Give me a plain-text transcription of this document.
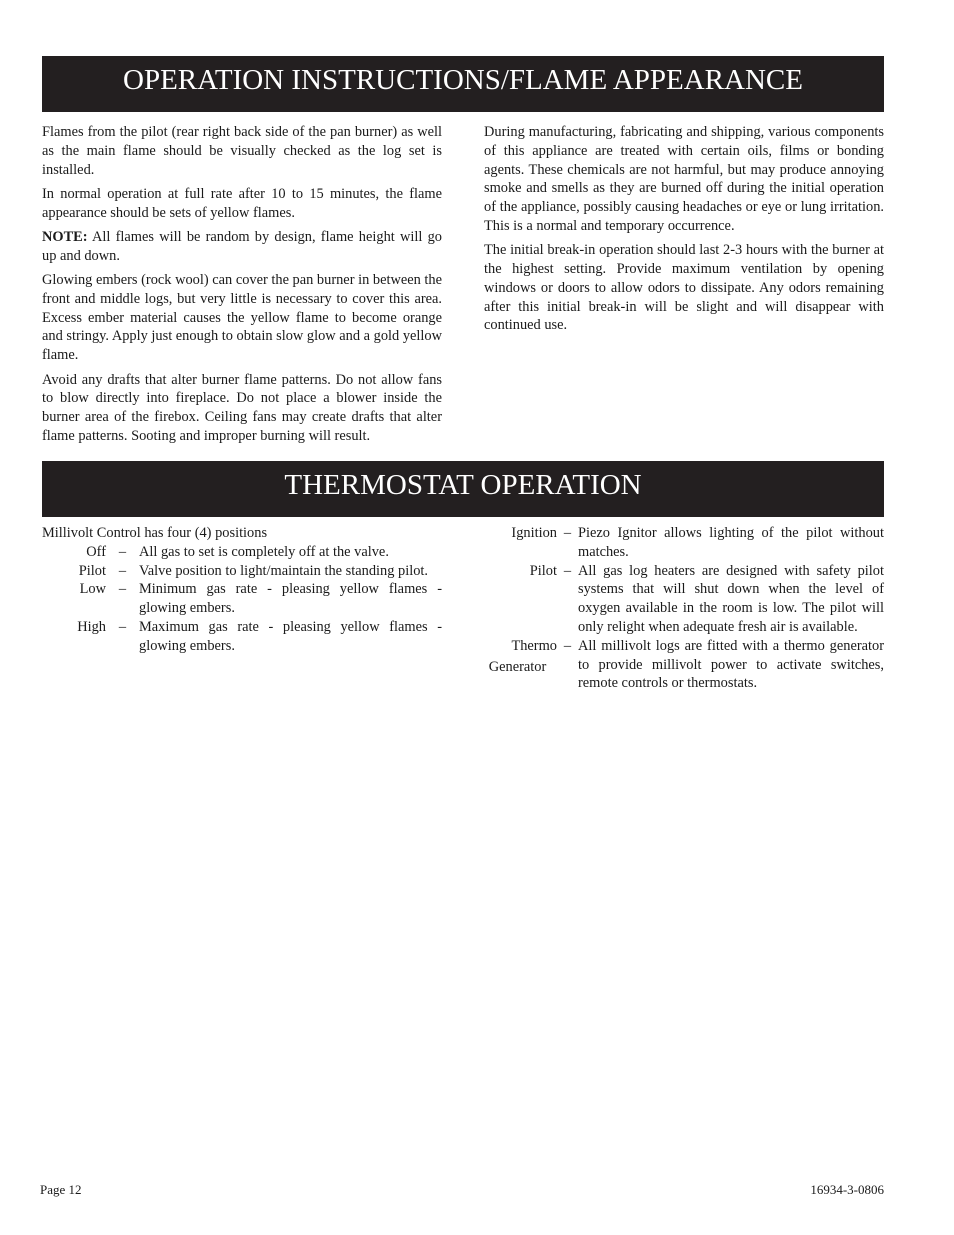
OPERATION INSTRUCTIONS/FLAME APPEARANCE

Flames from the pilot (rear right back side of the pan burner) as well as the main flame should be visually checked as the log set is installed.

In normal operation at full rate after 10 to 15 minutes, the flame appearance should be sets of yellow flames.

NOTE: All flames will be random by design, flame height will go up and down.

Glowing embers (rock wool) can cover the pan burner in between the front and middle logs, but very little is necessary to cover this area. Excess ember material causes the yellow flame to become orange and stringy. Apply just enough to obtain slow glow and a gold yellow flame.

Avoid any drafts that alter burner flame patterns. Do not allow fans to blow directly into fireplace. Do not place a blower inside the burner area of the firebox. Ceiling fans may create drafts that alter flame patterns. Sooting and improper burning will result.

During manufacturing, fabricating and shipping, various components of this appliance are treated with certain oils, films or bonding agents. These chemicals are not harmful, but may produce annoying smoke and smells as they are burned off during the initial operation of the appliance, possibly causing headaches or eye or lung irritation. This is a normal and temporary occurrence.

The initial break-in operation should last 2-3 hours with the burner at the highest setting. Provide maximum ventilation by opening windows or doors to allow odors to dissipate. Any odors remaining after this initial break-in will be slight and will disappear with continued use.

THERMOSTAT OPERATION
Millivolt Control has four (4) positions
Off – All gas to set is completely off at the valve.
Pilot – Valve position to light/maintain the standing pilot.
Low – Minimum gas rate - pleasing yellow flames - glowing embers.
High – Maximum gas rate - pleasing yellow flames - glowing embers.
Ignition – Piezo Ignitor allows lighting of the pilot without matches.
Pilot – All gas log heaters are designed with safety pilot systems that will shut down when the level of oxygen available in the room is low. The pilot will only relight when adequate fresh air is available.
Thermo
Generator
– All millivolt logs are fitted with a thermo generator to provide millivolt power to activate switches, remote controls or thermostats.
Page 12	16934-3-0806
